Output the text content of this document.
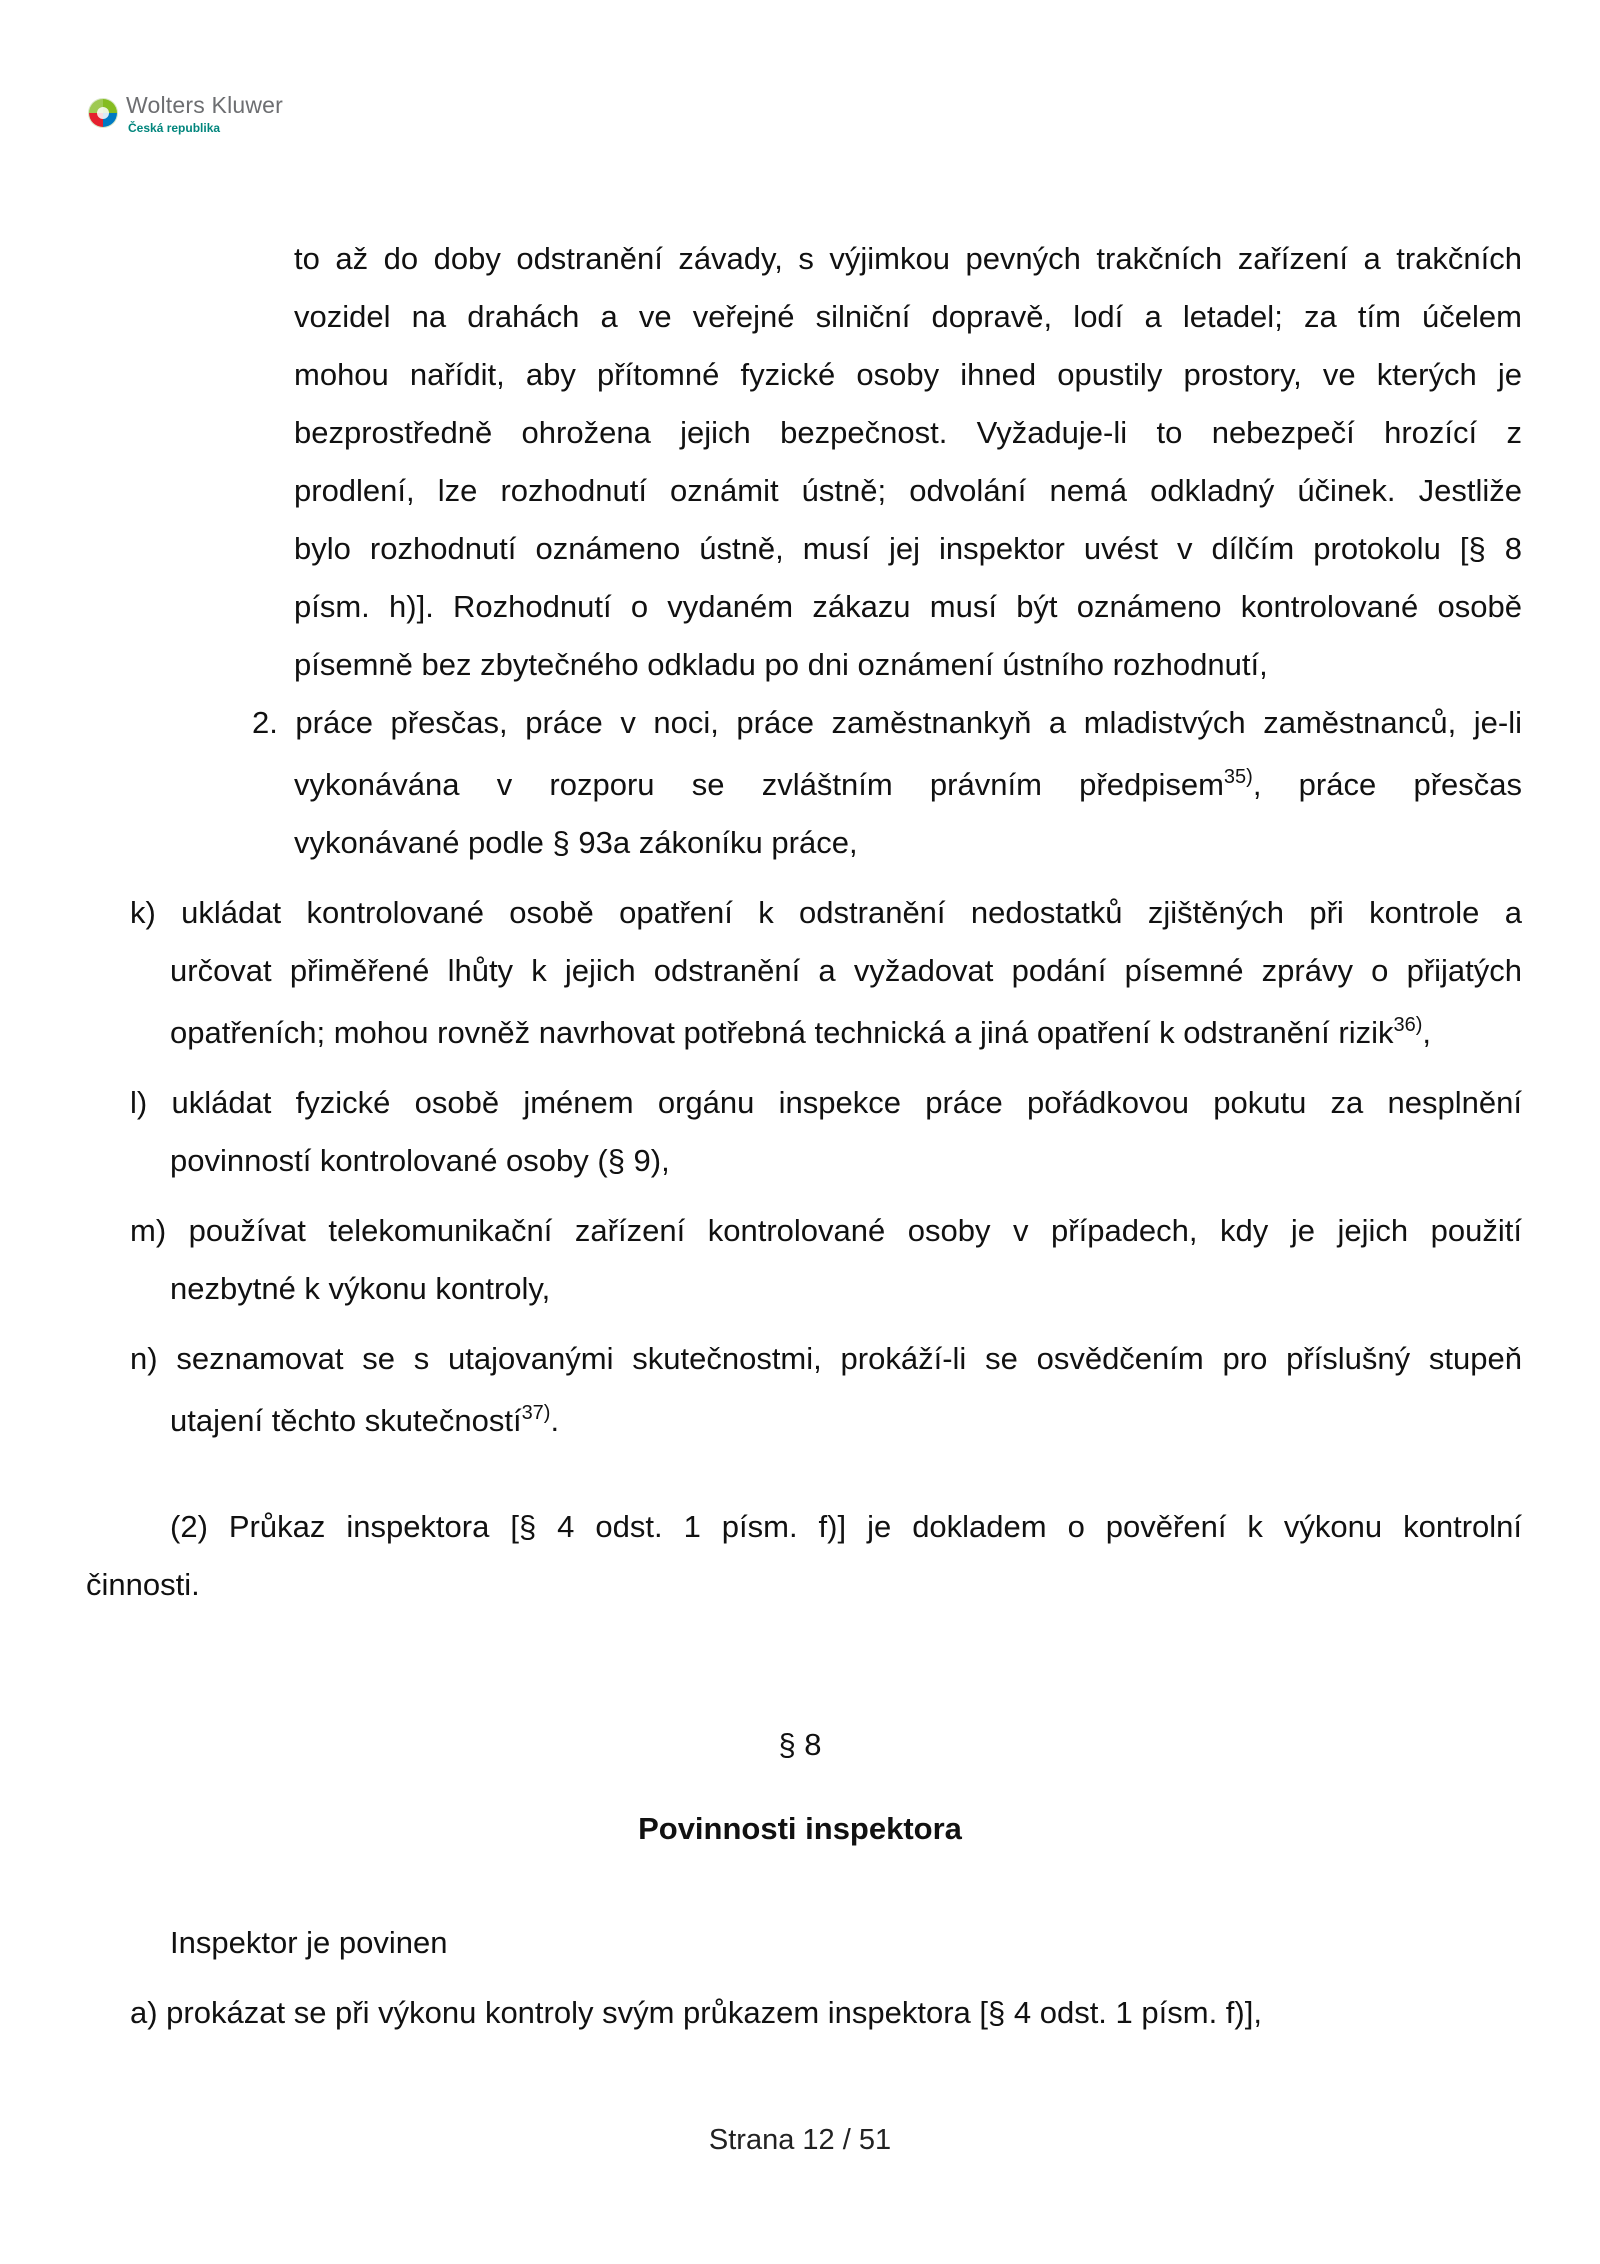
Wolters Kluwer
Česká republika
to až do doby odstranění závady, s výjimkou pevných trakčních zařízení a trakčních
vozidel na drahách a ve veřejné silniční dopravě, lodí a letadel; za tím účelem
mohou nařídit, aby přítomné fyzické osoby ihned opustily prostory, ve kterých je
bezprostředně ohrožena jejich bezpečnost. Vyžaduje-li to nebezpečí hrozící z
prodlení, lze rozhodnutí oznámit ústně; odvolání nemá odkladný účinek. Jestliže
bylo rozhodnutí oznámeno ústně, musí jej inspektor uvést v dílčím protokolu [§ 8
písm. h)]. Rozhodnutí o vydaném zákazu musí být oznámeno kontrolované osobě
písemně bez zbytečného odkladu po dni oznámení ústního rozhodnutí,
2. práce přesčas, práce v noci, práce zaměstnankyň a mladistvých zaměstnanců, je-li
vykonávána v rozporu se zvláštním právním předpisem$^{35)}$, práce přesčas
vykonávané podle § 93a zákoníku práce,
k) ukládat kontrolované osobě opatření k odstranění nedostatků zjištěných při kontrole a
určovat přiměřené lhůty k jejich odstranění a vyžadovat podání písemné zprávy o přijatých
opatřeních; mohou rovněž navrhovat potřebná technická a jiná opatření k odstranění rizik$^{36)}$,
l) ukládat fyzické osobě jménem orgánu inspekce práce pořádkovou pokutu za nesplnění
povinností kontrolované osoby (§ 9),
m) používat telekomunikační zařízení kontrolované osoby v případech, kdy je jejich použití
nezbytné k výkonu kontroly,
n) seznamovat se s utajovanými skutečnostmi, prokáží-li se osvědčením pro příslušný stupeň
utajení těchto skutečností$^{37)}$.
(2) Průkaz inspektora [§ 4 odst. 1 písm. f)] je dokladem o pověření k výkonu kontrolní
činnosti.
§ 8
Povinnosti inspektora
Inspektor je povinen
a) prokázat se při výkonu kontroly svým průkazem inspektora [§ 4 odst. 1 písm. f)],
Strana 12 / 51
